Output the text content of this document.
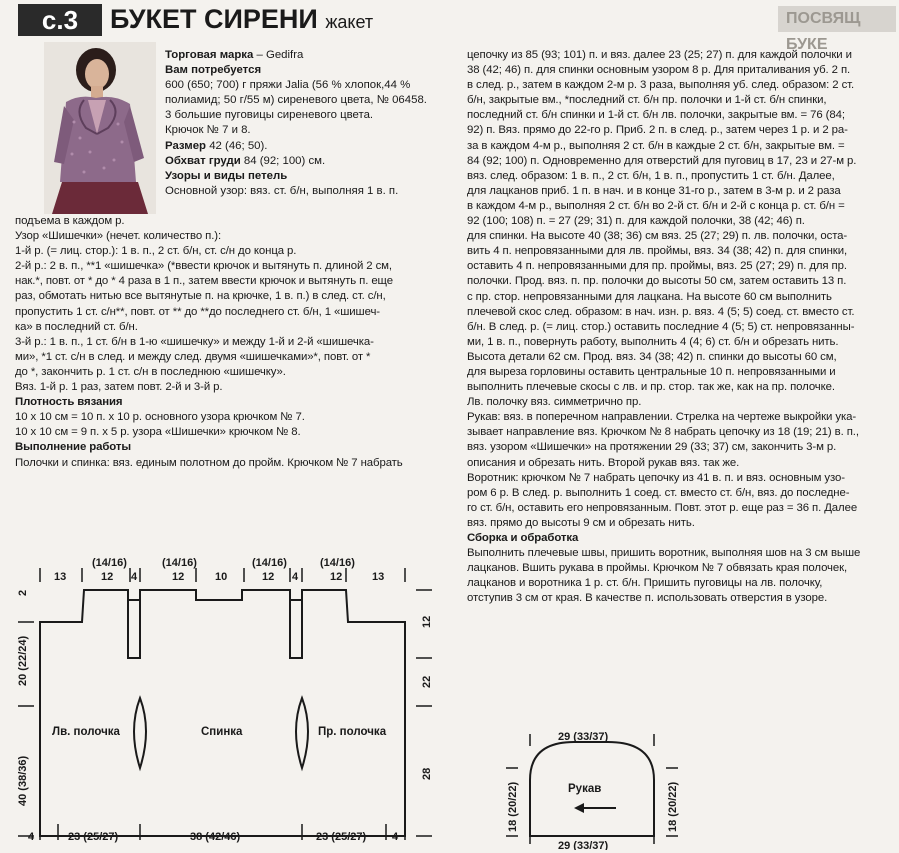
с.3	БУКЕТ СИРЕНИ жакет	ПОСВЯЩ БУКЕ
Торговая марка – Gedifra
Вам потребуется
600 (650; 700) г пряжи Jalia (56 % хлопок,44 %
полиамид; 50 г/55 м) сиреневого цвета, № 06458.
3 большие пуговицы сиреневого цвета.
Крючок № 7 и 8.
Размер 42 (46; 50).
Обхват груди 84 (92; 100) см.
Узоры и виды петель
Основной узор: вяз. ст. б/н, выполняя 1 в. п.
подъема в каждом р.
Узор «Шишечки» (нечет. количество п.):
1-й р. (= лиц. стор.): 1 в. п., 2 ст. б/н, ст. с/н до конца р.
2-й р.: 2 в. п., **1 «шишечка» (*ввести крючок и вытянуть п. длиной 2 см,
нак.*, повт. от * до * 4 раза в 1 п., затем ввести крючок и вытянуть п. еще
раз, обмотать нитью все вытянутые п. на крючке, 1 в. п.) в след. ст. с/н,
пропустить 1 ст. с/н**, повт. от ** до **до последнего ст. б/н, 1 «шишеч-
ка» в последний ст. б/н.
3-й р.: 1 в. п., 1 ст. б/н в 1-ю «шишечку» и между 1-й и 2-й «шишечка-
ми», *1 ст. с/н в след. и между след. двумя «шишечками»*, повт. от *
до *, закончить р. 1 ст. с/н в последнюю «шишечку».
Вяз. 1-й р. 1 раз, затем повт. 2-й и 3-й р.
Плотность вязания
10 х 10 см = 10 п. х 10 р. основного узора крючком № 7.
10 х 10 см = 9 п. х 5 р. узора «Шишечки» крючком № 8.
Выполнение работы
Полочки и спинка: вяз. единым полотном до пройм. Крючком № 7 набрать
цепочку из 85 (93; 101) п. и вяз. далее 23 (25; 27) п. для каждой полочки и
38 (42; 46) п. для спинки основным узором 8 р. Для приталивания уб. 2 п.
в след. р., затем в каждом 2-м р. 3 раза, выполняя уб. след. образом: 2 ст.
б/н, закрытые вм., *последний ст. б/н пр. полочки и 1-й ст. б/н спинки,
последний ст. б/н спинки и 1-й ст. б/н лв. полочки, закрытые вм. = 76 (84;
92) п. Вяз. прямо до 22-го р. Приб. 2 п. в след. р., затем через 1 р. и 2 ра-
за в каждом 4-м р., выполняя 2 ст. б/н в каждые 2 ст. б/н, закрытые вм. =
84 (92; 100) п. Одновременно для отверстий для пуговиц в 17, 23 и 27-м р.
вяз. след. образом: 1 в. п., 2 ст. б/н, 1 в. п., пропустить 1 ст. б/н. Далее,
для лацканов приб. 1 п. в нач. и в конце 31-го р., затем в 3-м р. и 2 раза
в каждом 4-м р., выполняя 2 ст. б/н во 2-й ст. б/н и 2-й с конца р. ст. б/н =
92 (100; 108) п. = 27 (29; 31) п. для каждой полочки, 38 (42; 46) п.
для спинки. На высоте 40 (38; 36) см вяз. 25 (27; 29) п. лв. полочки, оста-
вить 4 п. непровязанными для лв. проймы, вяз. 34 (38; 42) п. для спинки,
оставить 4 п. непровязанными для пр. проймы, вяз. 25 (27; 29) п. для пр.
полочки. Прод. вяз. п. пр. полочки до высоты 50 см, затем оставить 13 п.
с пр. стор. непровязанными для лацкана. На высоте 60 см выполнить
плечевой скос след. образом: в нач. изн. р. вяз. 4 (5; 5) соед. ст. вместо ст.
б/н. В след. р. (= лиц. стор.) оставить последние 4 (5; 5) ст. непровязанны-
ми, 1 в. п., повернуть работу, выполнить 4 (4; 6) ст. б/н и обрезать нить.
Высота детали 62 см. Прод. вяз. 34 (38; 42) п. спинки до высоты 60 см,
для выреза горловины оставить центральные 10 п. непровязанными и
выполнить плечевые скосы с лв. и пр. стор. так же, как на пр. полочке.
Лв. полочку вяз. симметрично пр.
Рукав: вяз. в поперечном направлении. Стрелка на чертеже выкройки ука-
зывает направление вяз. Крючком № 8 набрать цепочку из 18 (19; 21) в. п.,
вяз. узором «Шишечки» на протяжении 29 (33; 37) см, закончить 3-м р.
описания и обрезать нить. Второй рукав вяз. так же.
Воротник: крючком № 7 набрать цепочку из 41 в. п. и вяз. основным узо-
ром 6 р. В след. р. выполнить 1 соед. ст. вместо ст. б/н, вяз. до последне-
го ст. б/н, оставить его непровязанным. Повт. этот р. еще раз = 36 п. Далее
вяз. прямо до высоты 9 см и обрезать нить.
Сборка и обработка
Выполнить плечевые швы, пришить воротник, выполняя шов на 3 см выше
лацканов. Вшить рукава в проймы. Крючком № 7 обвязать края полочек,
лацканов и воротника 1 р. ст. б/н. Пришить пуговицы на лв. полочку,
отступив 3 см от края. В качестве п. использовать отверстия в узоре.
Лв. полочка	Спинка	Пр. полочка
(14/16)	(14/16)	(14/16)	(14/16)
13	12 4	12	10	12 4	12	13
2
20 (22/24)
40 (38/36)
12
22
28
4	23 (25/27)	38 (42/46)	23 (25/27) 4
29 (33/37)
29 (33/37)
Рукав
18 (20/22)	18 (20/22)
